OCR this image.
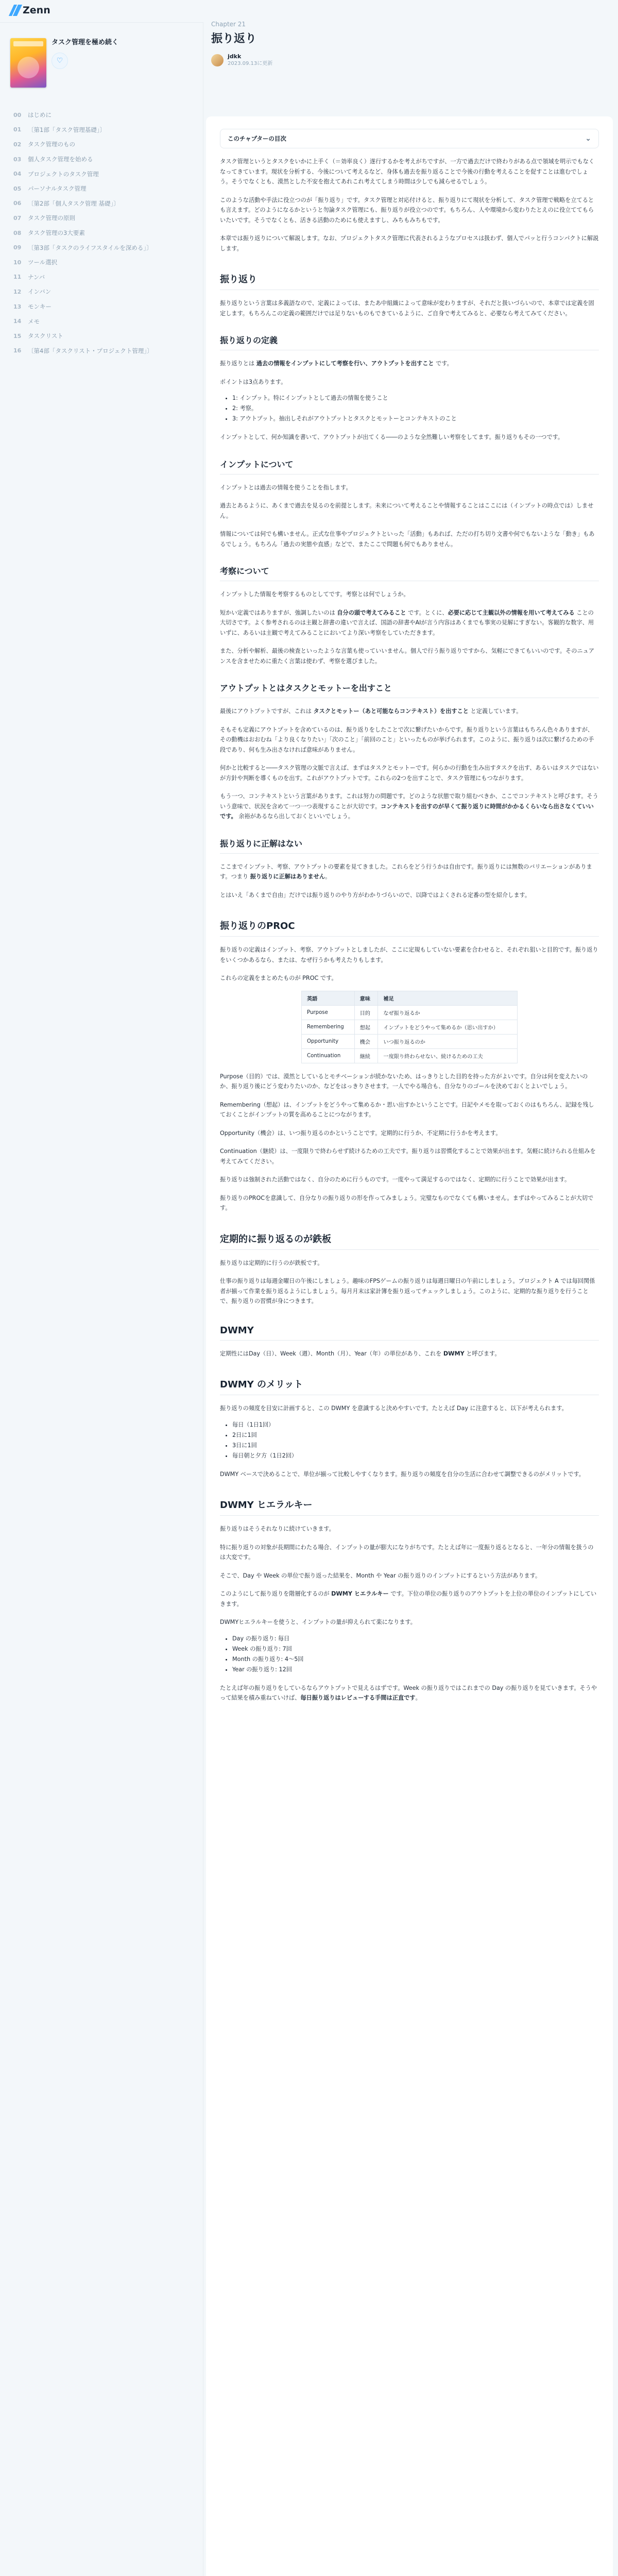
Zenn
タスク管理を極め続く
♡
00	はじめに
01	〔第1部「タスク管理基礎」〕
02	タスク管理のもの
03	個人タスク管理を始める
04	プロジェクトのタスク管理
05	パーソナルタスク管理
06	〔第2部「個人タスク管理 基礎」〕
07	タスク管理の原則
08	タスク管理の3大要素
09	〔第3部「タスクのライフスタイルを深める」〕
10	ツール選択
11	ナンバ
12	インバン
13	モンキー
14	メモ
15	タスクリスト
16	〔第4部「タスクリスト・プロジェクト管理」〕
Chapter 21
振り返り
jdkk
2023.09.13に更新
このチャプターの目次	⌄

タスク管理というとタスクをいかに上手く（＝効率良く）遂行するかを考えがちですが、一方で過去だけで終わりがある点で領域を明示でもなくなってきています。現状を分析する、今後について考えるなど、身体も過去を振り返ることで今後の行動を考えることを促すことは進むでしょう。そうでなくとも、漠然とした不安を抱えてあれこれ考えてしまう時間は少しでも減らせるでしょう。

このような活動や手法に役立つのが「振り返り」です。タスク管理と対応付けると、振り返りにて現状を分析して、タスク管理で戦略を立てるとも言えます。どのようになるかというと勿論タスク管理にも、振り返りが役立つのです。もちろん、人や環境から変わりたとえのに役立ててもらいたいです。そうでなくとも、活きる活動のためにも使えますし、みちもみちもです。

本章では振り返りについて解説します。なお、プロジェクトタスク管理に代表されるようなプロセスは扱わず、個人でパッと行うコンパクトに解説します。

振り返り

振り返りという言葉は多義語なので、定義によっては、またあ中組織によって意味が変わりますが、それだと扱いづらいので、本章では定義を固定します。もちろんこの定義の範囲だけでは足りないものもできているように、ご自身で考えてみると、必要なら考えてみてください。

振り返りの定義

振り返りとは 過去の情報をインプットにして考察を行い、アウトプットを出すこと です。

ポイントは3点あります。

• 1: インプット。特にインプットとして過去の情報を使うこと
• 2: 考察。
• 3: アウトプット。抽出しそれがアウトプットとタスクとモットーとコンテキストのこと

インプットとして、何か知識を書いて、アウトプットが出てくる――のような全然難しい考察をしてます。振り返りもその一つです。

インプットについて

インプットとは過去の情報を使うことを指します。

過去とあるように、あくまで過去を見るのを前提とします。未来について考えることや情報することはここには（インプットの時点では）しません。

情報については何でも構いません。正式な仕事やプロジェクトといった「活動」もあれば、ただの打ち切り文書や何でもないような「動き」もあるでしょう。もちろん「過去の実態や直感」などで、またここで問題も何でもありません。

考察について

インプットした情報を考察するものとしてです。考察とは何でしょうか。

短かい定義ではありますが、強調したいのは 自分の頭で考えてみること です。とくに、必要に応じて主観以外の情報を用いて考えてみる ことの大切さです。よく参考されるのは主観と辞書の違いで言えば、国語の辞書やAIが言う内容はあくまでも事実の見解にすぎない。客観的な数字、用いずに、あるいは主観で考えてみることにおいてより深い考察をしていただきます。

また、分析や解析、最後の検査といったような言葉も使っていいません。個人で行う振り返りですから、気軽にできてもいいのです。そのニュアンスを含ませために重たく言葉は使わず、考察を選びました。

アウトプットとはタスクとモットーを出すこと

最後にアウトプットですが、これは タスクとモットー（あと可能ならコンテキスト）を出すこと と定義しています。

そもそも定義にアウトプットを含めているのは、振り返りをしたことで次に繋げたいからです。振り返りという言葉はもちろん色々ありますが、その動機はおおむね「より良くなりたい」「次のこと」「前回のこと」といったものが挙げられます。このように、振り返りは次に繋げるための手段であり、何も生み出さなければ意味がありません。

何かと比較すると――タスク管理の文脈で言えば、まずはタスクとモットーです。何らかの行動を生み出すタスクを出す、あるいはタスクではないが方針や判断を導くものを出す。これがアウトプットです。これらの2つを出すことで、タスク管理にもつながります。

もう一つ、コンテキストという言葉があります。これは努力の問題です。どのような状態で取り組むべきか、ここでコンテキストと呼びます。そういう意味で、状況を含めて一つ一つ表現することが大切です。コンテキストを出すのが早くて振り返りに時間がかかるくらいなら出さなくていいです。 余裕があるなら出しておくといいでしょう。

振り返りに正解はない

ここまでインプット、考察、アウトプットの要素を見てきました。これらをどう行うかは自由です。振り返りには無数のバリエーションがあります。つまり 振り返りに正解はありません。

とはいえ「あくまで自由」だけでは振り返りのやり方がわかりづらいので、以降ではよくされる定番の型を紹介します。

振り返りのPROC

振り返りの定義はインプット、考察、アウトプットとしましたが、ここに定規もしていない要素を合わせると、それぞれ狙いと目的です。振り返りをいくつかあるなら、または、なぜ行うかも考えたりもします。

これらの定義をまとめたものが PROC です。

英語	意味	補足
Purpose	目的	なぜ振り返るか
Remembering	想起	インプットをどうやって集めるか（思い出すか）
Opportunity	機会	いつ振り返るのか
Continuation	継続	一度限り終わらせない、続けるための工夫

Purpose（目的）では、漠然としているとモチベーションが続かないため、はっきりとした目的を持った方がよいです。自分は何を変えたいのか、振り返り後にどう変わりたいのか、などをはっきりさせます。一人でやる場合も、自分なりのゴールを決めておくとよいでしょう。

Remembering（想起）は、インプットをどうやって集めるか・思い出すかということです。日記やメモを取っておくのはもちろん、記録を残しておくことがインプットの質を高めることにつながります。

Opportunity（機会）は、いつ振り返るのかということです。定期的に行うか、不定期に行うかを考えます。

Continuation（継続）は、一度限りで終わらせず続けるための工夫です。振り返りは習慣化することで効果が出ます。気軽に続けられる仕組みを考えてみてください。

振り返りは強制された活動ではなく、自分のために行うものです。一度やって満足するのではなく、定期的に行うことで効果が出ます。

振り返りのPROCを意識して、自分なりの振り返りの形を作ってみましょう。完璧なものでなくても構いません。まずはやってみることが大切です。

定期的に振り返るのが鉄板

振り返りは定期的に行うのが鉄板です。

仕事の振り返りは毎週金曜日の午後にしましょう。趣味のFPSゲームの振り返りは毎週日曜日の午前にしましょう。プロジェクト A では毎回関係者が揃って作業を振り返るようにしましょう。毎月月末は家計簿を振り返ってチェックしましょう。このように、定期的な振り返りを行うことで、振り返りの習慣が身につきます。

DWMY

定期性にはDay（日）、Week（週）、Month（月）、Year（年）の単位があり、これを DWMY と呼びます。

DWMY のメリット

振り返りの頻度を目安に計画すると、この DWMY を意識すると決めやすいです。たとえば Day に注意すると、以下が考えられます。

• 毎日（1日1回）
• 2日に1回
• 3日に1回
• 毎日朝と夕方（1日2回）

DWMY ベースで決めることで、単位が揃って比較しやすくなります。振り返りの頻度を自分の生活に合わせて調整できるのがメリットです。

DWMY ヒエラルキー

振り返りはそうそれなりに続けていきます。

特に振り返りの対象が長期間にわたる場合、インプットの量が膨大になりがちです。たとえば年に一度振り返るとなると、一年分の情報を扱うのは大変です。

そこで、Day や Week の単位で振り返った結果を、Month や Year の振り返りのインプットにするという方法があります。

このようにして振り返りを階層化するのが DWMY ヒエラルキー です。下位の単位の振り返りのアウトプットを上位の単位のインプットにしていきます。

DWMYヒエラルキーを使うと、インプットの量が抑えられて楽になります。

• Day の振り返り: 毎日
• Week の振り返り: 7回
• Month の振り返り: 4〜5回
• Year の振り返り: 12回

たとえば年の振り返りをしているならアウトプットで見えるはずです。Week の振り返りではこれまでの Day の振り返りを見ていきます。そうやって結果を積み重ねていけば、毎日振り返りはレビューする手間は正直です。
